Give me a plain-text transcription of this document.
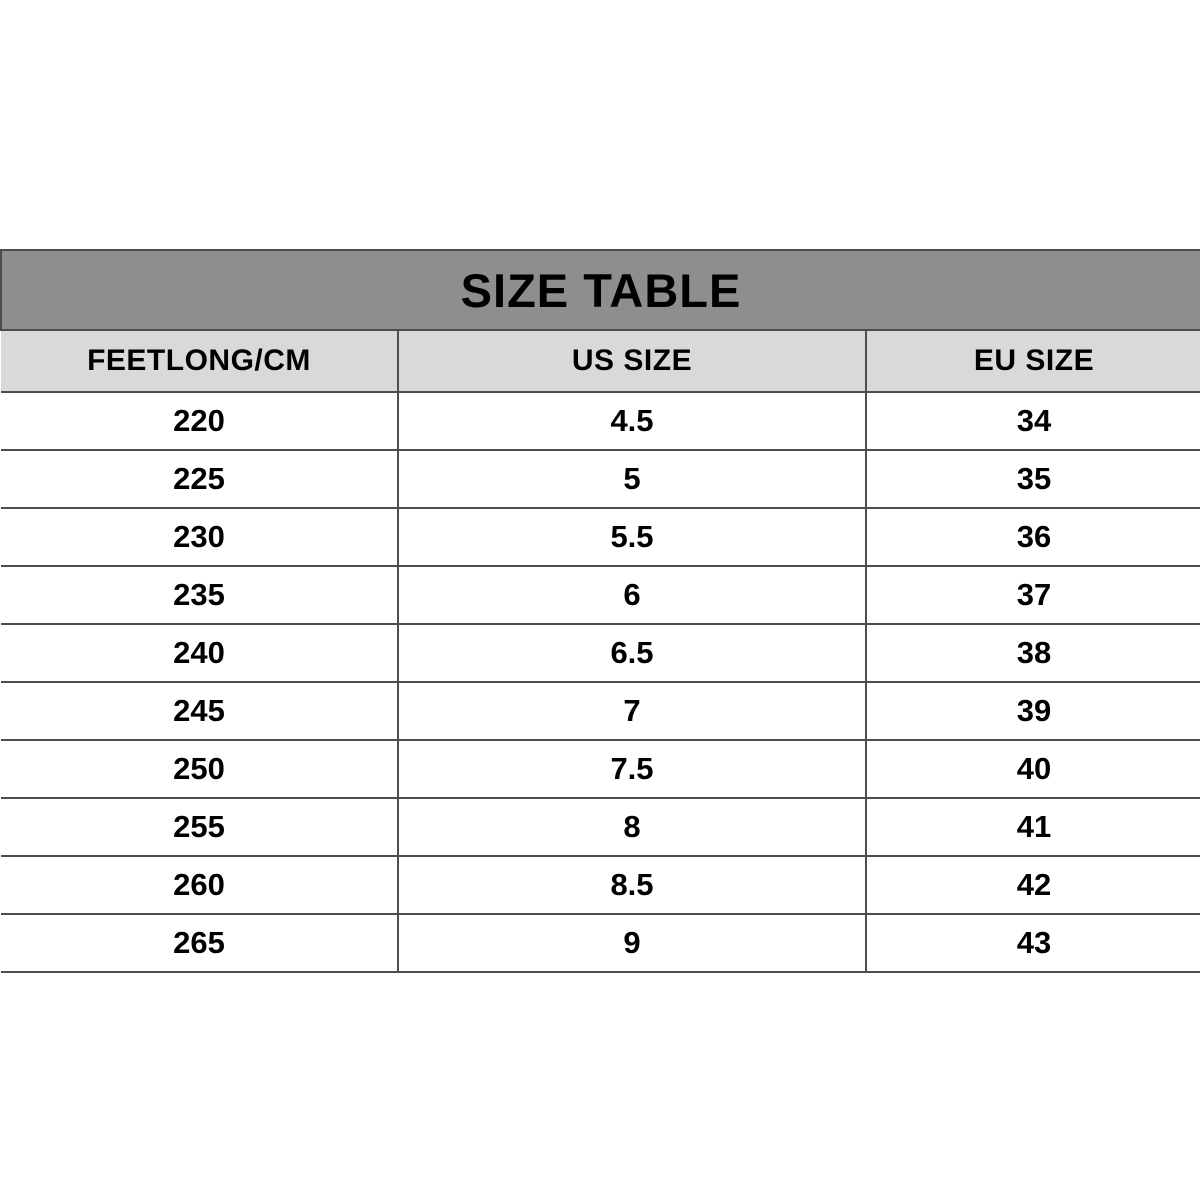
SIZE TABLE		
FEETLONG/CM	US SIZE	EU SIZE
220	4.5	34
225	5	35
230	5.5	36
235	6	37
240	6.5	38
245	7	39
250	7.5	40
255	8	41
260	8.5	42
265	9	43
